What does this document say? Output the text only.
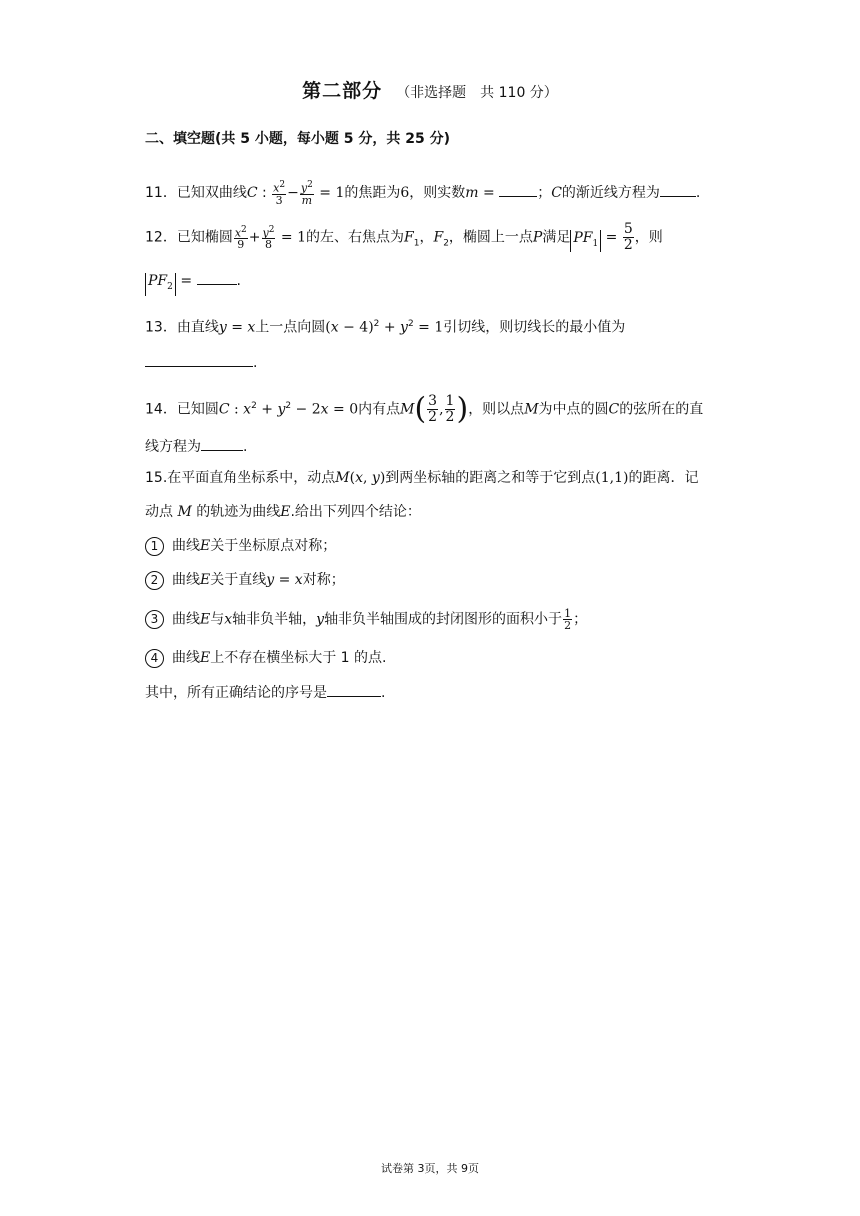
第二部分 （非选择题　共 110 分）
二、填空题(共 5 小题，每小题 5 分，共 25 分)
11．已知双曲线C : $\frac{x^2}{3} - \frac{y^2}{m} = 1$的焦距为6，则实数m =	；C的渐近线方程为	.
12．已知椭圆 $\frac{x^2}{9} + \frac{y^2}{8} = 1$的左、右焦点为$F_1$，$F_2$，椭圆上一点P满足 $PF_1 = \frac{5}{2}$ ，则
$PF_2$ =	.
13．由直线y = x上一点向圆$(x - 4)^2 + y^2 = 1$引切线，则切线长的最小值为
.
14．已知圆C : $x^2 + y^2 - 2x = 0$内有点$M( \frac{3}{2}$ , $\frac{1}{2}$ )，则以点M为中点的圆C的弦所在的直
线方程为	.
15.在平面直角坐标系中，动点M(x, y)到两坐标轴的距离之和等于它到点(1,1)的距离．记
动点 M 的轨迹为曲线E.给出下列四个结论：
1 曲线E关于坐标原点对称；
2 曲线E关于直线y = x对称；
3 曲线E与x轴非负半轴，y轴非负半轴围成的封闭图形的面积小于 $\frac{1}{2}$ ；
4 曲线E上不存在横坐标大于 1 的点.
其中，所有正确结论的序号是	.
试卷第 3页，共 9页
